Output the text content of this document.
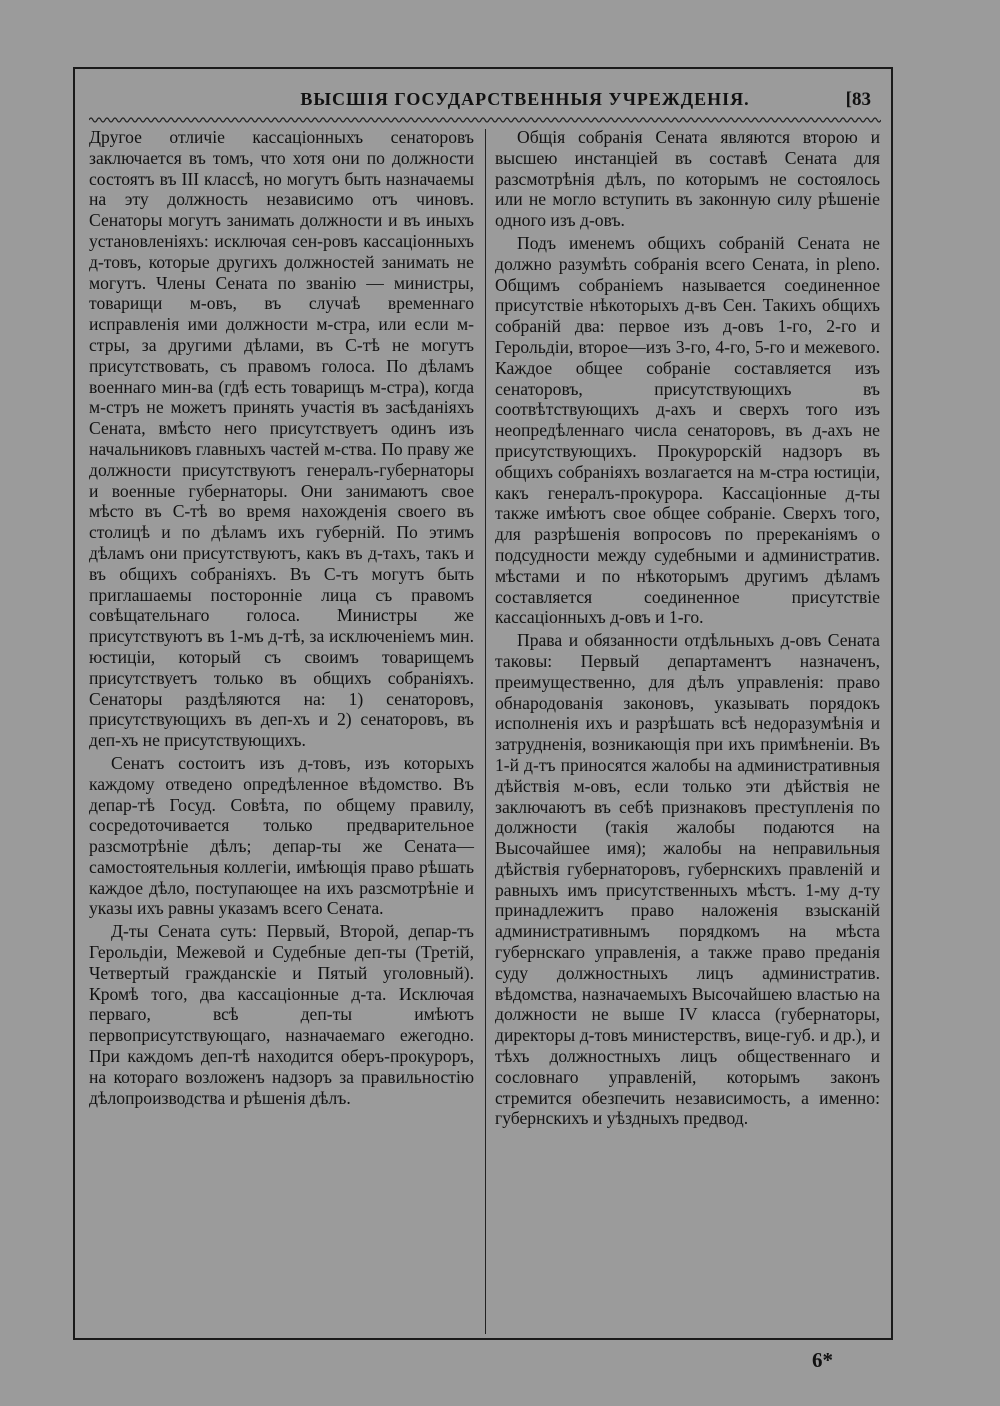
ВЫСШІЯ ГОСУДАРСТВЕННЫЯ УЧРЕЖДЕНІЯ.	[83

Другое отличіе кассаціонныхъ сенаторовъ заключается въ томъ, что хотя они по должности состоятъ въ III классѣ, но могутъ быть назначаемы на эту должность независимо отъ чиновъ. Сенаторы могутъ занимать должности и въ иныхъ установленіяхъ: исключая сен-ровъ кассаціонныхъ д-товъ, которые другихъ должностей занимать не могутъ. Члены Сената по званію — министры, товарищи м-овъ, въ случаѣ временнаго исправленія ими должности м-стра, или если м-стры, за другими дѣлами, въ С-тѣ не могутъ присутствовать, съ правомъ голоса. По дѣламъ военнаго мин-ва (гдѣ есть товарищъ м-стра), когда м-стръ не можетъ принять участія въ засѣданіяхъ Сената, вмѣсто него присутствуетъ одинъ изъ начальниковъ главныхъ частей м-ства. По праву же должности присутствуютъ генералъ-губернаторы и военные губернаторы. Они занимаютъ свое мѣсто въ С-тѣ во время нахожденія своего въ столицѣ и по дѣламъ ихъ губерній. По этимъ дѣламъ они присутствуютъ, какъ въ д-тахъ, такъ и въ общихъ собраніяхъ. Въ С-тъ могутъ быть приглашаемы посторонніе лица съ правомъ совѣщательнаго голоса. Министры же присутствуютъ въ 1-мъ д-тѣ, за исключеніемъ мин. юстиціи, который съ своимъ товарищемъ присутствуетъ только въ общихъ собраніяхъ. Сенаторы раздѣляются на: 1) сенаторовъ, присутствующихъ въ деп-хъ и 2) сенаторовъ, въ деп-хъ не присутствующихъ.

Сенатъ состоитъ изъ д-товъ, изъ которыхъ каждому отведено опредѣленное вѣдомство. Въ депар-тѣ Госуд. Совѣта, по общему правилу, сосредоточивается только предварительное разсмотрѣніе дѣлъ; депар-ты же Сената—самостоятельныя коллегіи, имѣющія право рѣшать каждое дѣло, поступающее на ихъ разсмотрѣніе и указы ихъ равны указамъ всего Сената.

Д-ты Сената суть: Первый, Второй, депар-тъ Герольдіи, Межевой и Судебные деп-ты (Третій, Четвертый гражданскіе и Пятый уголовный). Кромѣ того, два кассаціонные д-та. Исключая перваго, всѣ деп-ты имѣютъ первоприсутствующаго, назначаемаго ежегодно. При каждомъ деп-тѣ находится оберъ-прокуроръ, на котораго возложенъ надзоръ за правильностію дѣлопроизводства и рѣшенія дѣлъ.

Общія собранія Сената являются второю и высшею инстанціей въ составѣ Сената для разсмотрѣнія дѣлъ, по которымъ не состоялось или не могло вступить въ законную силу рѣшеніе одного изъ д-овъ.

Подъ именемъ общихъ собраній Сената не должно разумѣть собранія всего Сената, in pleno. Общимъ собраніемъ называется соединенное присутствіе нѣкоторыхъ д-въ Сен. Такихъ общихъ собраній два: первое изъ д-овъ 1-го, 2-го и Герольдіи, второе—изъ 3-го, 4-го, 5-го и межевого. Каждое общее собраніе составляется изъ сенаторовъ, присутствующихъ въ соотвѣтствующихъ д-ахъ и сверхъ того изъ неопредѣленнаго числа сенаторовъ, въ д-ахъ не присутствующихъ. Прокурорскій надзоръ въ общихъ собраніяхъ возлагается на м-стра юстиціи, какъ генералъ-прокурора. Кассаціонные д-ты также имѣютъ свое общее собраніе. Сверхъ того, для разрѣшенія вопросовъ по пререканіямъ о подсудности между судебными и административ. мѣстами и по нѣкоторымъ другимъ дѣламъ составляется соединенное присутствіе кассаціонныхъ д-овъ и 1-го.

Права и обязанности отдѣльныхъ д-овъ Сената таковы: Первый департаментъ назначенъ, преимущественно, для дѣлъ управленія: право обнародованія законовъ, указывать порядокъ исполненія ихъ и разрѣшать всѣ недоразумѣнія и затрудненія, возникающія при ихъ примѣненіи. Въ 1-й д-тъ приносятся жалобы на административныя дѣйствія м-овъ, если только эти дѣйствія не заключаютъ въ себѣ признаковъ преступленія по должности (такія жалобы подаются на Высочайшее имя); жалобы на неправильныя дѣйствія губернаторовъ, губернскихъ правленій и равныхъ имъ присутственныхъ мѣстъ. 1-му д-ту принадлежитъ право наложенія взысканій административнымъ порядкомъ на мѣста губернскаго управленія, а также право преданія суду должностныхъ лицъ административ. вѣдомства, назначаемыхъ Высочайшею властью на должности не выше IV класса (губернаторы, директоры д-товъ министерствъ, вице-губ. и др.), и тѣхъ должностныхъ лицъ общественнаго и сословнаго управленій, которымъ законъ стремится обезпечить независимость, а именно: губернскихъ и уѣздныхъ предвод.

6*
